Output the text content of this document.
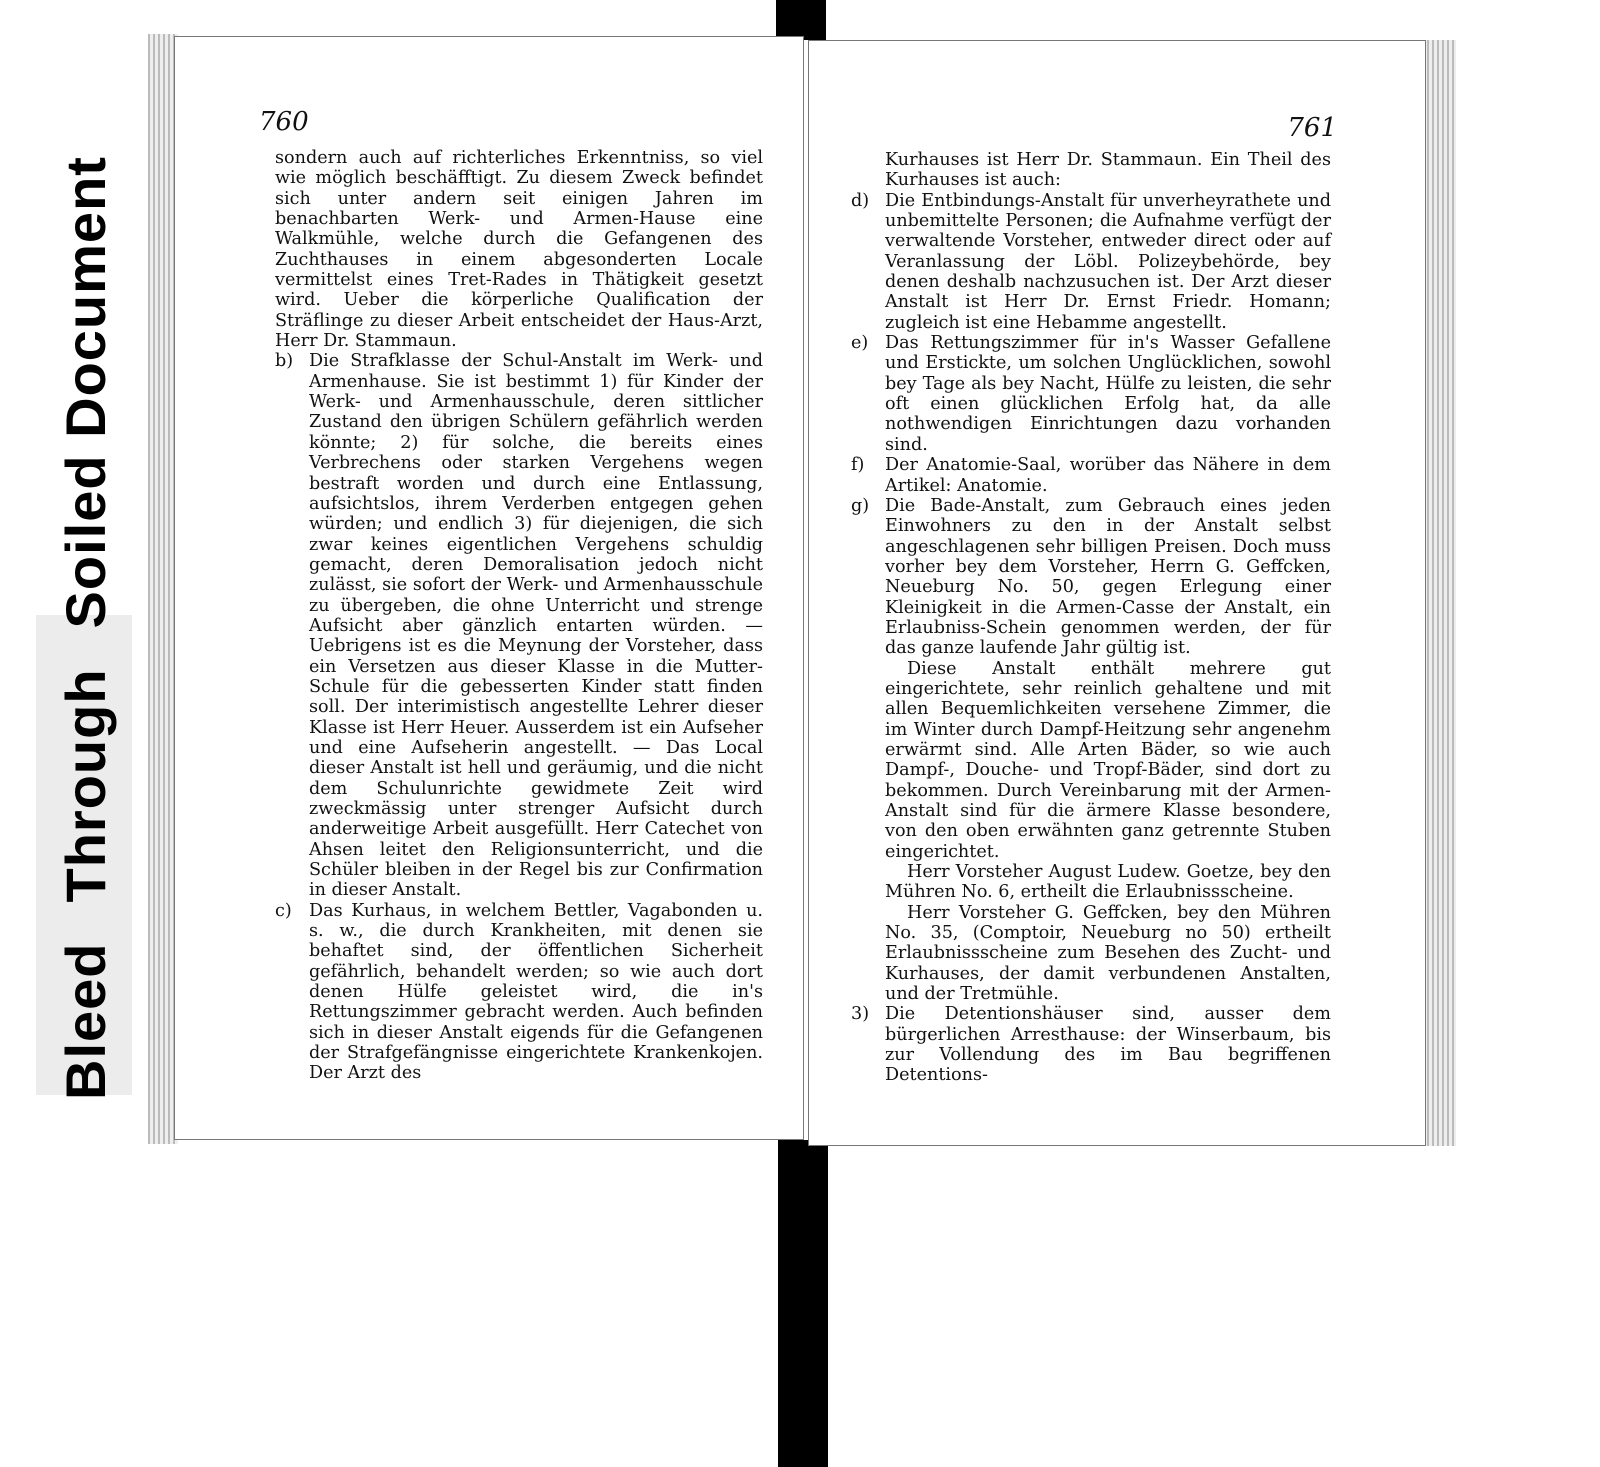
Bleed
Through
Soiled Document
760

sondern auch auf richterliches Erkenntniss, so viel wie möglich beschäfftigt. Zu diesem Zweck befindet sich unter andern seit einigen Jahren im benachbarten Werk- und Armen-Hause eine Walkmühle, welche durch die Gefangenen des Zuchthauses in einem abgesonderten Locale vermittelst eines Tret-Rades in Thätigkeit gesetzt wird. Ueber die körperliche Qualification der Sträflinge zu dieser Arbeit entscheidet der Haus-Arzt, Herr Dr. Stammaun.

b) Die Strafklasse der Schul-Anstalt im Werk- und Armenhause. Sie ist bestimmt 1) für Kinder der Werk- und Armenhausschule, deren sittlicher Zustand den übrigen Schülern gefährlich werden könnte; 2) für solche, die bereits eines Verbrechens oder starken Vergehens wegen bestraft worden und durch eine Entlassung, aufsichtslos, ihrem Verderben entgegen gehen würden; und endlich 3) für diejenigen, die sich zwar keines eigentlichen Vergehens schuldig gemacht, deren Demoralisation jedoch nicht zulässt, sie sofort der Werk- und Armenhausschule zu übergeben, die ohne Unterricht und strenge Aufsicht aber gänzlich entarten würden. — Uebrigens ist es die Meynung der Vorsteher, dass ein Versetzen aus dieser Klasse in die Mutter-Schule für die gebesserten Kinder statt finden soll. Der interimistisch angestellte Lehrer dieser Klasse ist Herr Heuer. Ausserdem ist ein Aufseher und eine Aufseherin angestellt. — Das Local dieser Anstalt ist hell und geräumig, und die nicht dem Schulunrichte gewidmete Zeit wird zweckmässig unter strenger Aufsicht durch anderweitige Arbeit ausgefüllt. Herr Catechet von Ahsen leitet den Religionsunterricht, und die Schüler bleiben in der Regel bis zur Confirmation in dieser Anstalt.
c) Das Kurhaus, in welchem Bettler, Vagabonden u. s. w., die durch Krankheiten, mit denen sie behaftet sind, der öffentlichen Sicherheit gefährlich, behandelt werden; so wie auch dort denen Hülfe geleistet wird, die in's Rettungszimmer gebracht werden. Auch befinden sich in dieser Anstalt eigends für die Gefangenen der Strafgefängnisse eingerichtete Krankenkojen. Der Arzt des
761

Kurhauses ist Herr Dr. Stammaun. Ein Theil des Kurhauses ist auch:

d) Die Entbindungs-Anstalt für unverheyrathete und unbemittelte Personen; die Aufnahme verfügt der verwaltende Vorsteher, entweder direct oder auf Veranlassung der Löbl. Polizeybehörde, bey denen deshalb nachzusuchen ist. Der Arzt dieser Anstalt ist Herr Dr. Ernst Friedr. Homann; zugleich ist eine Hebamme angestellt.
e) Das Rettungszimmer für in's Wasser Gefallene und Erstickte, um solchen Unglücklichen, sowohl bey Tage als bey Nacht, Hülfe zu leisten, die sehr oft einen glücklichen Erfolg hat, da alle nothwendigen Einrichtungen dazu vorhanden sind.
f)	Der Anatomie-Saal, worüber das Nähere in dem Artikel: Anatomie.
g) Die Bade-Anstalt, zum Gebrauch eines jeden Einwohners zu den in der Anstalt selbst angeschlagenen sehr billigen Preisen. Doch muss vorher bey dem Vorsteher, Herrn G. Geffcken, Neueburg No. 50, gegen Erlegung einer Kleinigkeit in die Armen-Casse der Anstalt, ein Erlaubniss-Schein genommen werden, der für das ganze laufende Jahr gültig ist.

Diese Anstalt enthält mehrere gut eingerichtete, sehr reinlich gehaltene und mit allen Bequemlichkeiten versehene Zimmer, die im Winter durch Dampf-Heitzung sehr angenehm erwärmt sind. Alle Arten Bäder, so wie auch Dampf-, Douche- und Tropf-Bäder, sind dort zu bekommen. Durch Vereinbarung mit der Armen-Anstalt sind für die ärmere Klasse besondere, von den oben erwähnten ganz getrennte Stuben eingerichtet.

Herr Vorsteher August Ludew. Goetze, bey den Mühren No. 6, ertheilt die Erlaubnissscheine.

Herr Vorsteher G. Geffcken, bey den Mühren No. 35, (Comptoir, Neueburg no 50) ertheilt Erlaubnissscheine zum Besehen des Zucht- und Kurhauses, der damit verbundenen Anstalten, und der Tretmühle.

3) Die Detentionshäuser sind, ausser dem bürgerlichen Arresthause: der Winserbaum, bis zur Vollendung des im Bau begriffenen Detentions-
